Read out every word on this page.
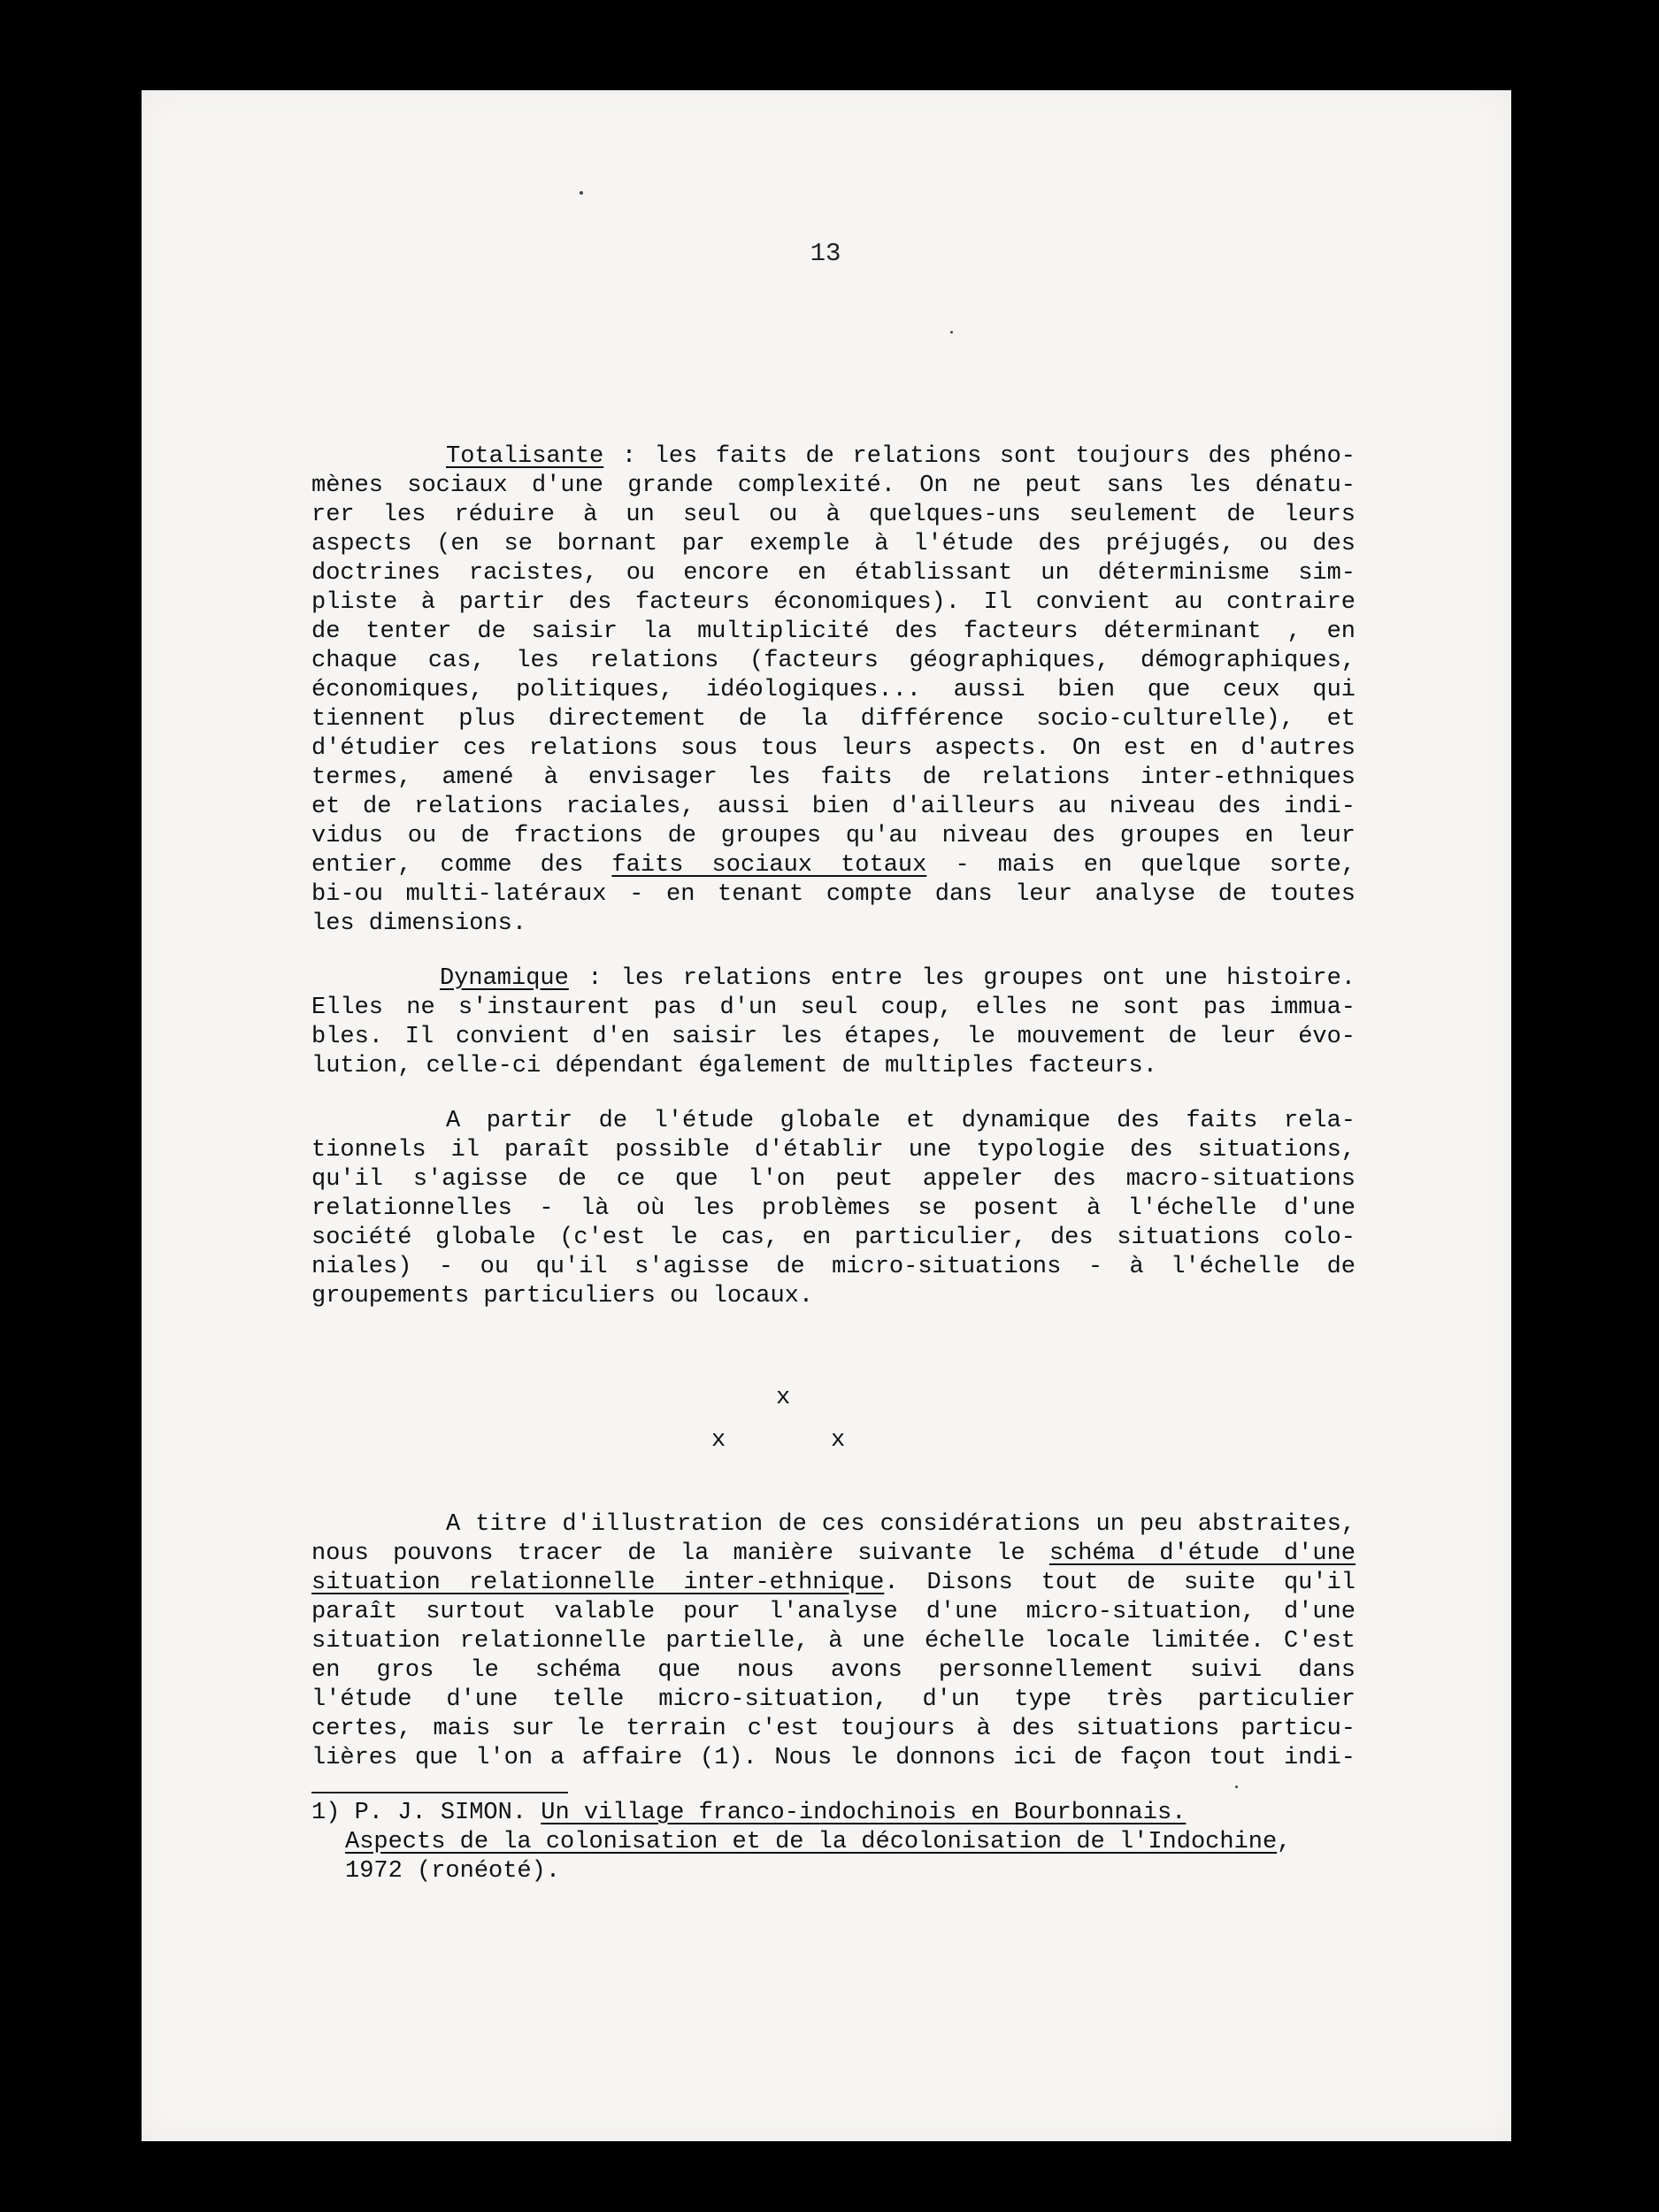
13
Totalisante : les faits de relations sont toujours des phéno-
mènes sociaux d'une grande complexité. On ne peut sans les dénatu-
rer les réduire à un seul ou à quelques-uns seulement de leurs
aspects (en se bornant par exemple à l'étude des préjugés, ou des
doctrines racistes, ou encore en établissant un déterminisme sim-
pliste à partir des facteurs économiques). Il convient au contraire
de tenter de saisir la multiplicité des facteurs déterminant , en
chaque cas, les relations (facteurs géographiques, démographiques,
économiques, politiques, idéologiques... aussi bien que ceux qui
tiennent plus directement de la différence socio-culturelle), et
d'étudier ces relations sous tous leurs aspects. On est en d'autres
termes, amené à envisager les faits de relations inter-ethniques
et de relations raciales, aussi bien d'ailleurs au niveau des indi-
vidus ou de fractions de groupes qu'au niveau des groupes en leur
entier, comme des faits sociaux totaux - mais en quelque sorte,
bi-ou multi-latéraux - en tenant compte dans leur analyse de toutes
les dimensions.
Dynamique : les relations entre les groupes ont une histoire.
Elles ne s'instaurent pas d'un seul coup, elles ne sont pas immua-
bles. Il convient d'en saisir les étapes, le mouvement de leur évo-
lution, celle-ci dépendant également de multiples facteurs.
A partir de l'étude globale et dynamique des faits rela-
tionnels il paraît possible d'établir une typologie des situations,
qu'il s'agisse de ce que l'on peut appeler des macro-situations
relationnelles - là où les problèmes se posent à l'échelle d'une
société globale (c'est le cas, en particulier, des situations colo-
niales) - ou qu'il s'agisse de micro-situations - à l'échelle de
groupements particuliers ou locaux.
x
x	x
A titre d'illustration de ces considérations un peu abstraites,
nous pouvons tracer de la manière suivante le schéma d'étude d'une
situation relationnelle inter-ethnique. Disons tout de suite qu'il
paraît surtout valable pour l'analyse d'une micro-situation, d'une
situation relationnelle partielle, à une échelle locale limitée. C'est
en gros le schéma que nous avons personnellement suivi dans
l'étude d'une telle micro-situation, d'un type très particulier
certes, mais sur le terrain c'est toujours à des situations particu-
lières que l'on a affaire (1). Nous le donnons ici de façon tout indi-
1) P. J. SIMON. Un village franco-indochinois en Bourbonnais.
Aspects de la colonisation et de la décolonisation de l'Indochine,
1972 (ronéoté).
